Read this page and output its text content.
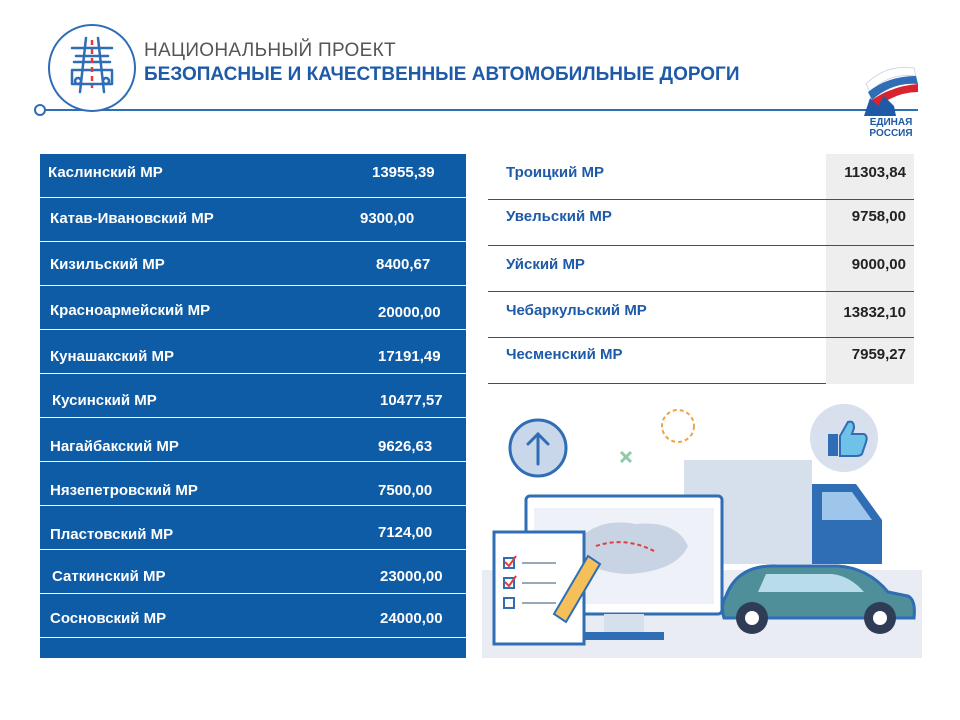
НАЦИОНАЛЬНЫЙ ПРОЕКТ
БЕЗОПАСНЫЕ И КАЧЕСТВЕННЫЕ АВТОМОБИЛЬНЫЕ ДОРОГИ
ЕДИНАЯ
РОССИЯ
Каслинский МР	13955,39
Катав-Ивановский МР	9300,00
Кизильский МР	8400,67
Красноармейский МР	20000,00
Кунашакский МР	17191,49
Кусинский МР	10477,57
Нагайбакский МР	9626,63
Нязепетровский МР	7500,00
Пластовский МР	7124,00
Саткинский МР	23000,00
Сосновский МР	24000,00
Троицкий МР	11303,84
Увельский МР	9758,00
Уйский МР	9000,00
Чебаркульский МР	13832,10
Чесменский МР	7959,27
